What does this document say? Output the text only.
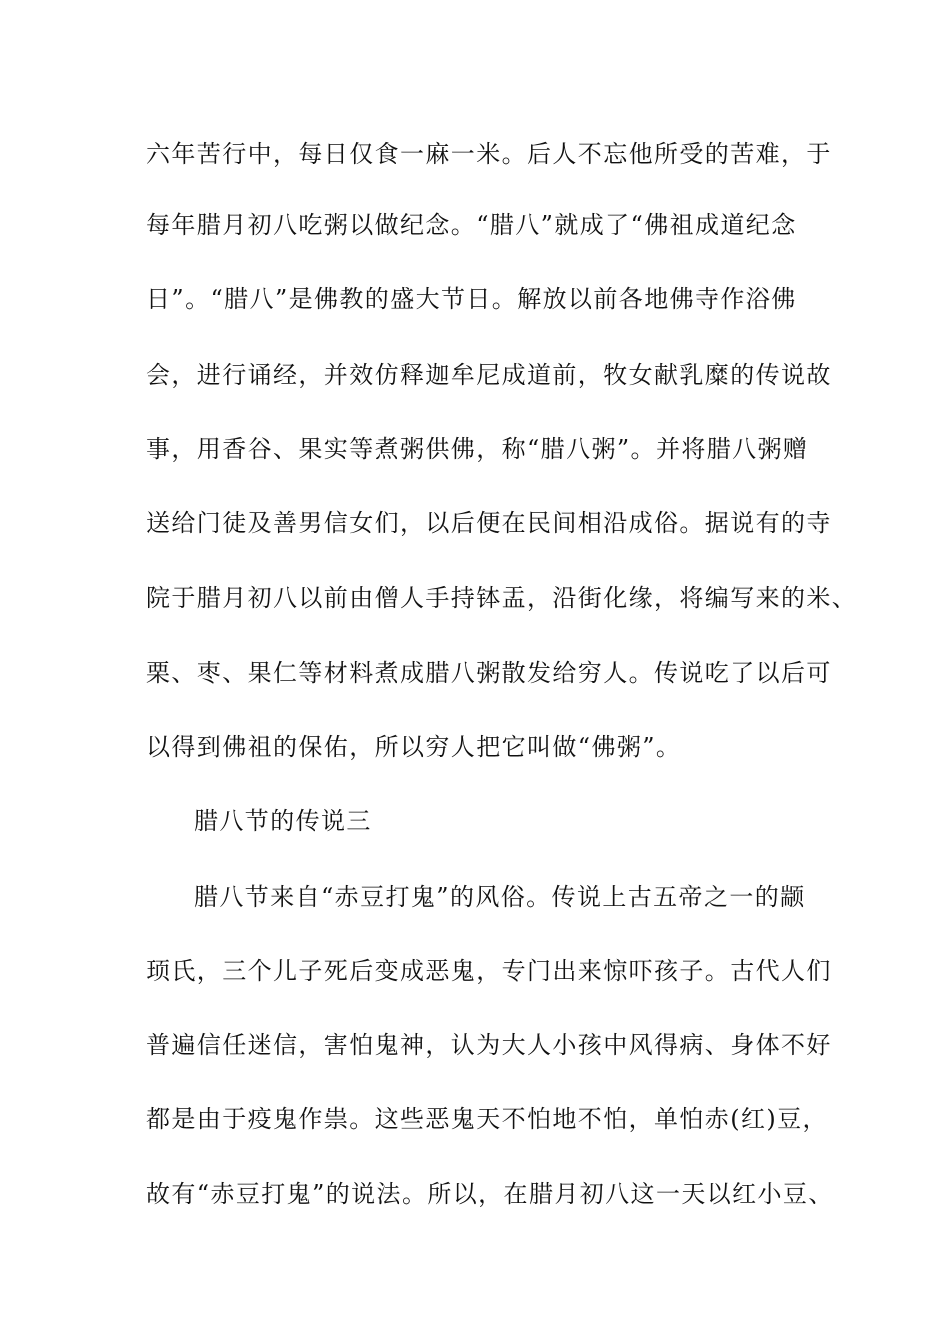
六年苦行中，每日仅食一麻一米。后人不忘他所受的苦难，于
每年腊月初八吃粥以做纪念。“腊八”就成了“佛祖成道纪念
日”。“腊八”是佛教的盛大节日。解放以前各地佛寺作浴佛
会，进行诵经，并效仿释迦牟尼成道前，牧女献乳糜的传说故
事，用香谷、果实等煮粥供佛，称“腊八粥”。并将腊八粥赠
送给门徒及善男信女们，以后便在民间相沿成俗。据说有的寺
院于腊月初八以前由僧人手持钵盂，沿街化缘，将编写来的米、
栗、枣、果仁等材料煮成腊八粥散发给穷人。传说吃了以后可
以得到佛祖的保佑，所以穷人把它叫做“佛粥”。
腊八节的传说三
腊八节来自“赤豆打鬼”的风俗。传说上古五帝之一的颛
顼氏，三个儿子死后变成恶鬼，专门出来惊吓孩子。古代人们
普遍信任迷信，害怕鬼神，认为大人小孩中风得病、身体不好
都是由于疫鬼作祟。这些恶鬼天不怕地不怕，单怕赤(红)豆，
故有“赤豆打鬼”的说法。所以，在腊月初八这一天以红小豆、
